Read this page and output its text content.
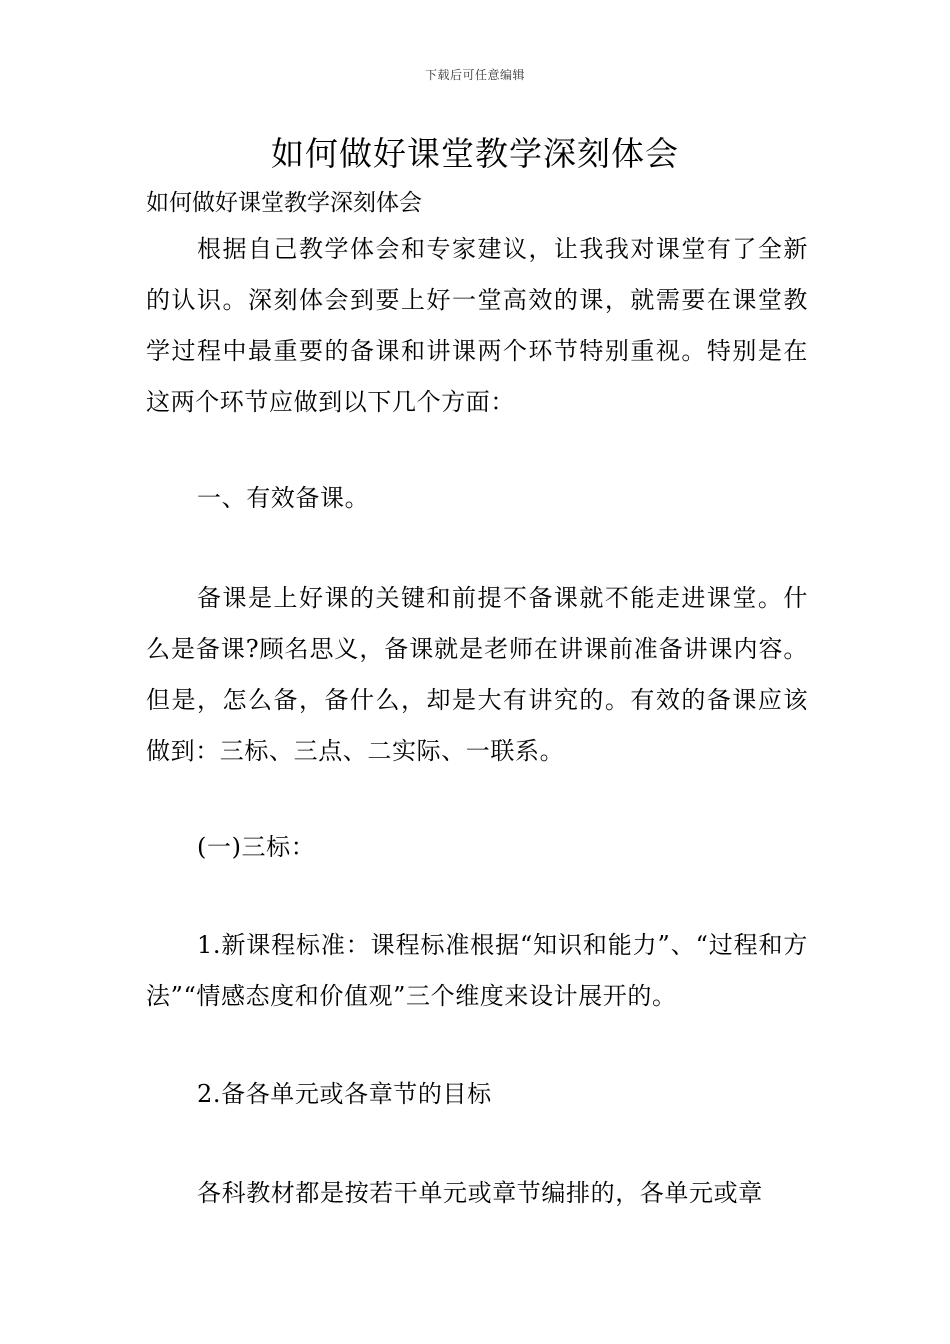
下载后可任意编辑
如何做好课堂教学深刻体会

如何做好课堂教学深刻体会

根据自己教学体会和专家建议，让我我对课堂有了全新的认识。深刻体会到要上好一堂高效的课，就需要在课堂教学过程中最重要的备课和讲课两个环节特别重视。特别是在这两个环节应做到以下几个方面：

一、有效备课。

备课是上好课的关键和前提不备课就不能走进课堂。什么是备课?顾名思义，备课就是老师在讲课前准备讲课内容。但是，怎么备，备什么，却是大有讲究的。有效的备课应该做到：三标、三点、二实际、一联系。

(一)三标：

1.新课程标准：课程标准根据“知识和能力”、“过程和方法”“情感态度和价值观”三个维度来设计展开的。

2.备各单元或各章节的目标

各科教材都是按若干单元或章节编排的，各单元或章
